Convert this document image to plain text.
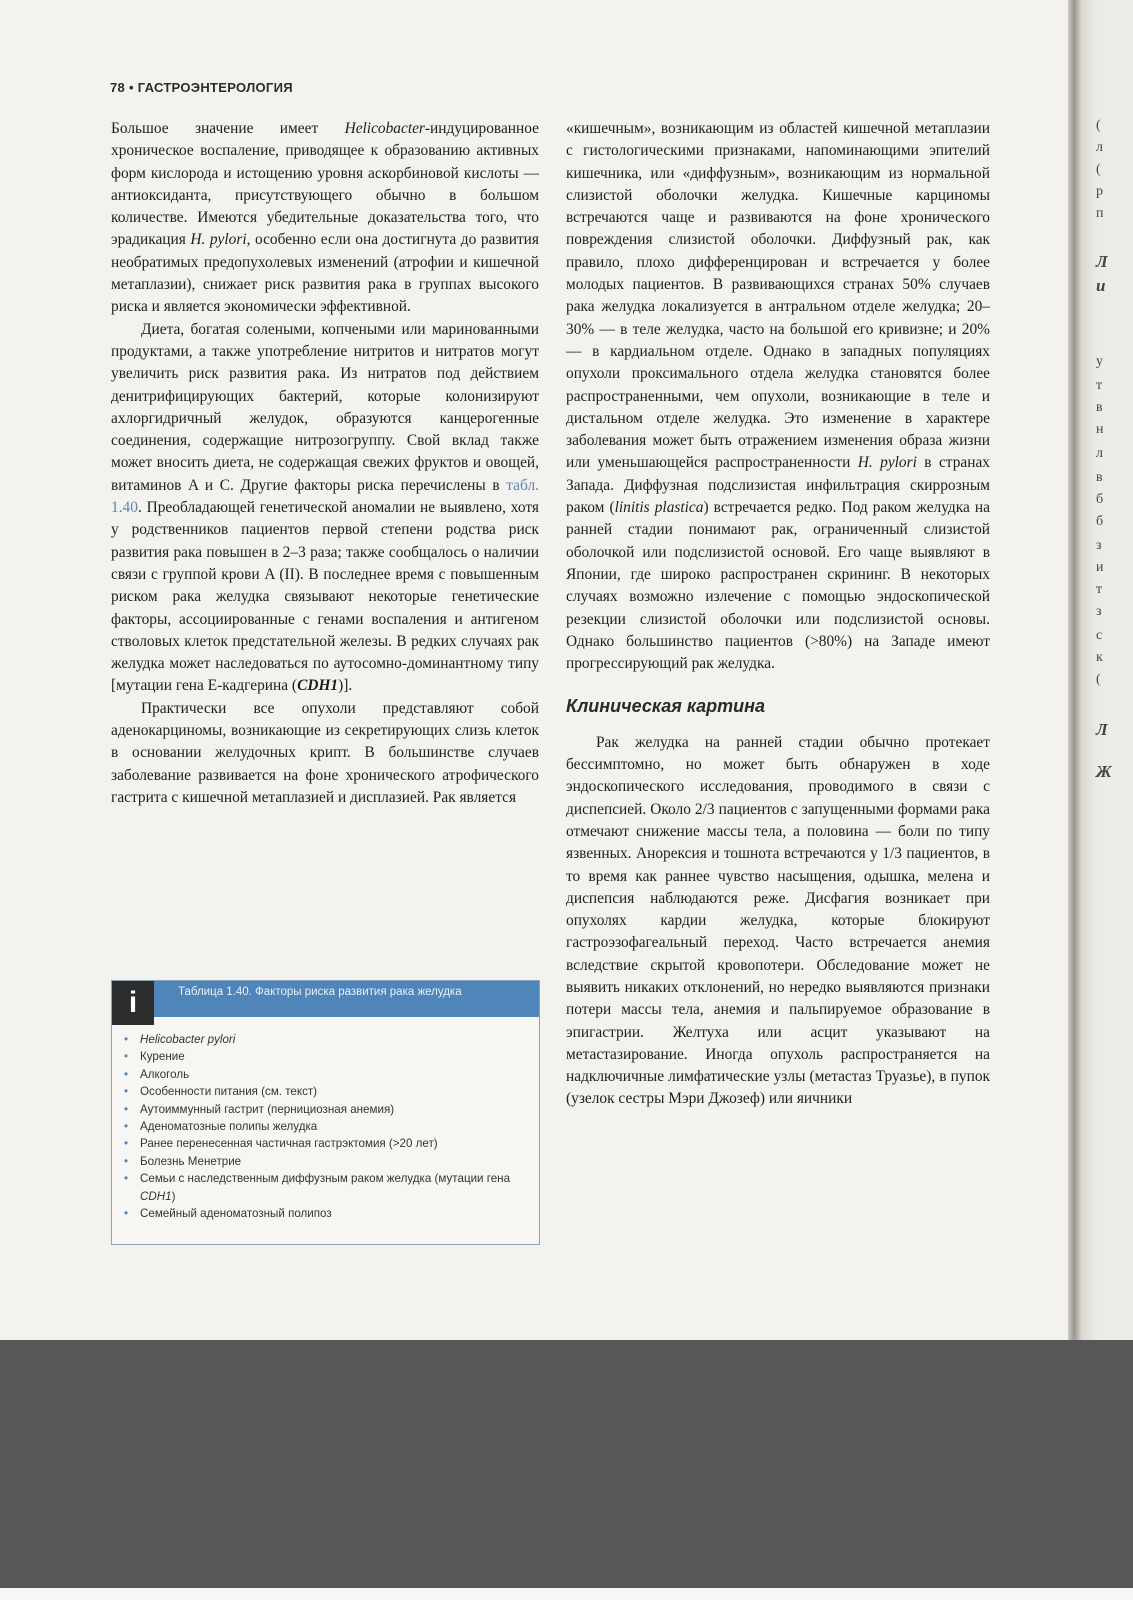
78 • ГАСТРОЭНТЕРОЛОГИЯ

Большое значение имеет Helicobacter-индуцированное хроническое воспаление, приводящее к образованию активных форм кислорода и истощению уровня аскорбиновой кислоты — антиоксиданта, присутствующего обычно в большом количестве. Имеются убедительные доказательства того, что эрадикация H. pylori, особенно если она достигнута до развития необратимых предопухолевых изменений (атрофии и кишечной метаплазии), снижает риск развития рака в группах высокого риска и является экономически эффективной.

Диета, богатая солеными, копчеными или маринованными продуктами, а также употребление нитритов и нитратов могут увеличить риск развития рака. Из нитратов под действием денитрифицирующих бактерий, которые колонизируют ахлоргидричный желудок, образуются канцерогенные соединения, содержащие нитрозогруппу. Свой вклад также может вносить диета, не содержащая свежих фруктов и овощей, витаминов A и C. Другие факторы риска перечислены в табл. 1.40. Преобладающей генетической аномалии не выявлено, хотя у родственников пациентов первой степени родства риск развития рака повышен в 2–3 раза; также сообщалось о наличии связи с группой крови A (II). В последнее время с повышенным риском рака желудка связывают некоторые генетические факторы, ассоциированные с генами воспаления и антигеном стволовых клеток предстательной железы. В редких случаях рак желудка может наследоваться по аутосомно-доминантному типу [мутации гена E-кадгерина (CDH1)].

Практически все опухоли представляют собой аденокарциномы, возникающие из секретирующих слизь клеток в основании желудочных крипт. В большинстве случаев заболевание развивается на фоне хронического атрофического гастрита с кишечной метаплазией и дисплазией. Рак является

i	Таблица 1.40. Факторы риска развития рака желудка
• Helicobacter pylori
• Курение
• Алкоголь
• Особенности питания (см. текст)
• Аутоиммунный гастрит (пернициозная анемия)
• Аденоматозные полипы желудка
• Ранее перенесенная частичная гастрэктомия (>20 лет)
• Болезнь Менетрие
• Семьи с наследственным диффузным раком желудка (мутации гена CDH1)
• Семейный аденоматозный полипоз

«кишечным», возникающим из областей кишечной метаплазии с гистологическими признаками, напоминающими эпителий кишечника, или «диффузным», возникающим из нормальной слизистой оболочки желудка. Кишечные карциномы встречаются чаще и развиваются на фоне хронического повреждения слизистой оболочки. Диффузный рак, как правило, плохо дифференцирован и встречается у более молодых пациентов. В развивающихся странах 50% случаев рака желудка локализуется в антральном отделе желудка; 20–30% — в теле желудка, часто на большой его кривизне; и 20% — в кардиальном отделе. Однако в западных популяциях опухоли проксимального отдела желудка становятся более распространенными, чем опухоли, возникающие в теле и дистальном отделе желудка. Это изменение в характере заболевания может быть отражением изменения образа жизни или уменьшающейся распространенности H. pylori в странах Запада. Диффузная подслизистая инфильтрация скиррозным раком (linitis plastica) встречается редко. Под раком желудка на ранней стадии понимают рак, ограниченный слизистой оболочкой или подслизистой основой. Его чаще выявляют в Японии, где широко распространен скрининг. В некоторых случаях возможно излечение с помощью эндоскопической резекции слизистой оболочки или подслизистой основы. Однако большинство пациентов (>80%) на Западе имеют прогрессирующий рак желудка.

Клиническая картина

Рак желудка на ранней стадии обычно протекает бессимптомно, но может быть обнаружен в ходе эндоскопического исследования, проводимого в связи с диспепсией. Около 2/3 пациентов с запущенными формами рака отмечают снижение массы тела, а половина — боли по типу язвенных. Анорексия и тошнота встречаются у 1/3 пациентов, в то время как раннее чувство насыщения, одышка, мелена и диспепсия наблюдаются реже. Дисфагия возникает при опухолях кардии желудка, которые блокируют гастроэзофагеальный переход. Часто встречается анемия вследствие скрытой кровопотери. Обследование может не выявить никаких отклонений, но нередко выявляются признаки потери массы тела, анемия и пальпируемое образование в эпигастрии. Желтуха или асцит указывают на метастазирование. Иногда опухоль распространяется на надключичные лимфатические узлы (метастаз Труазье), в пупок (узелок сестры Мэри Джозеф) или яичники

(
л
(
р
п
Л
и
у
т
в
н
л
в
б
б
з
и
т
з
с
к
(
Л
Ж
